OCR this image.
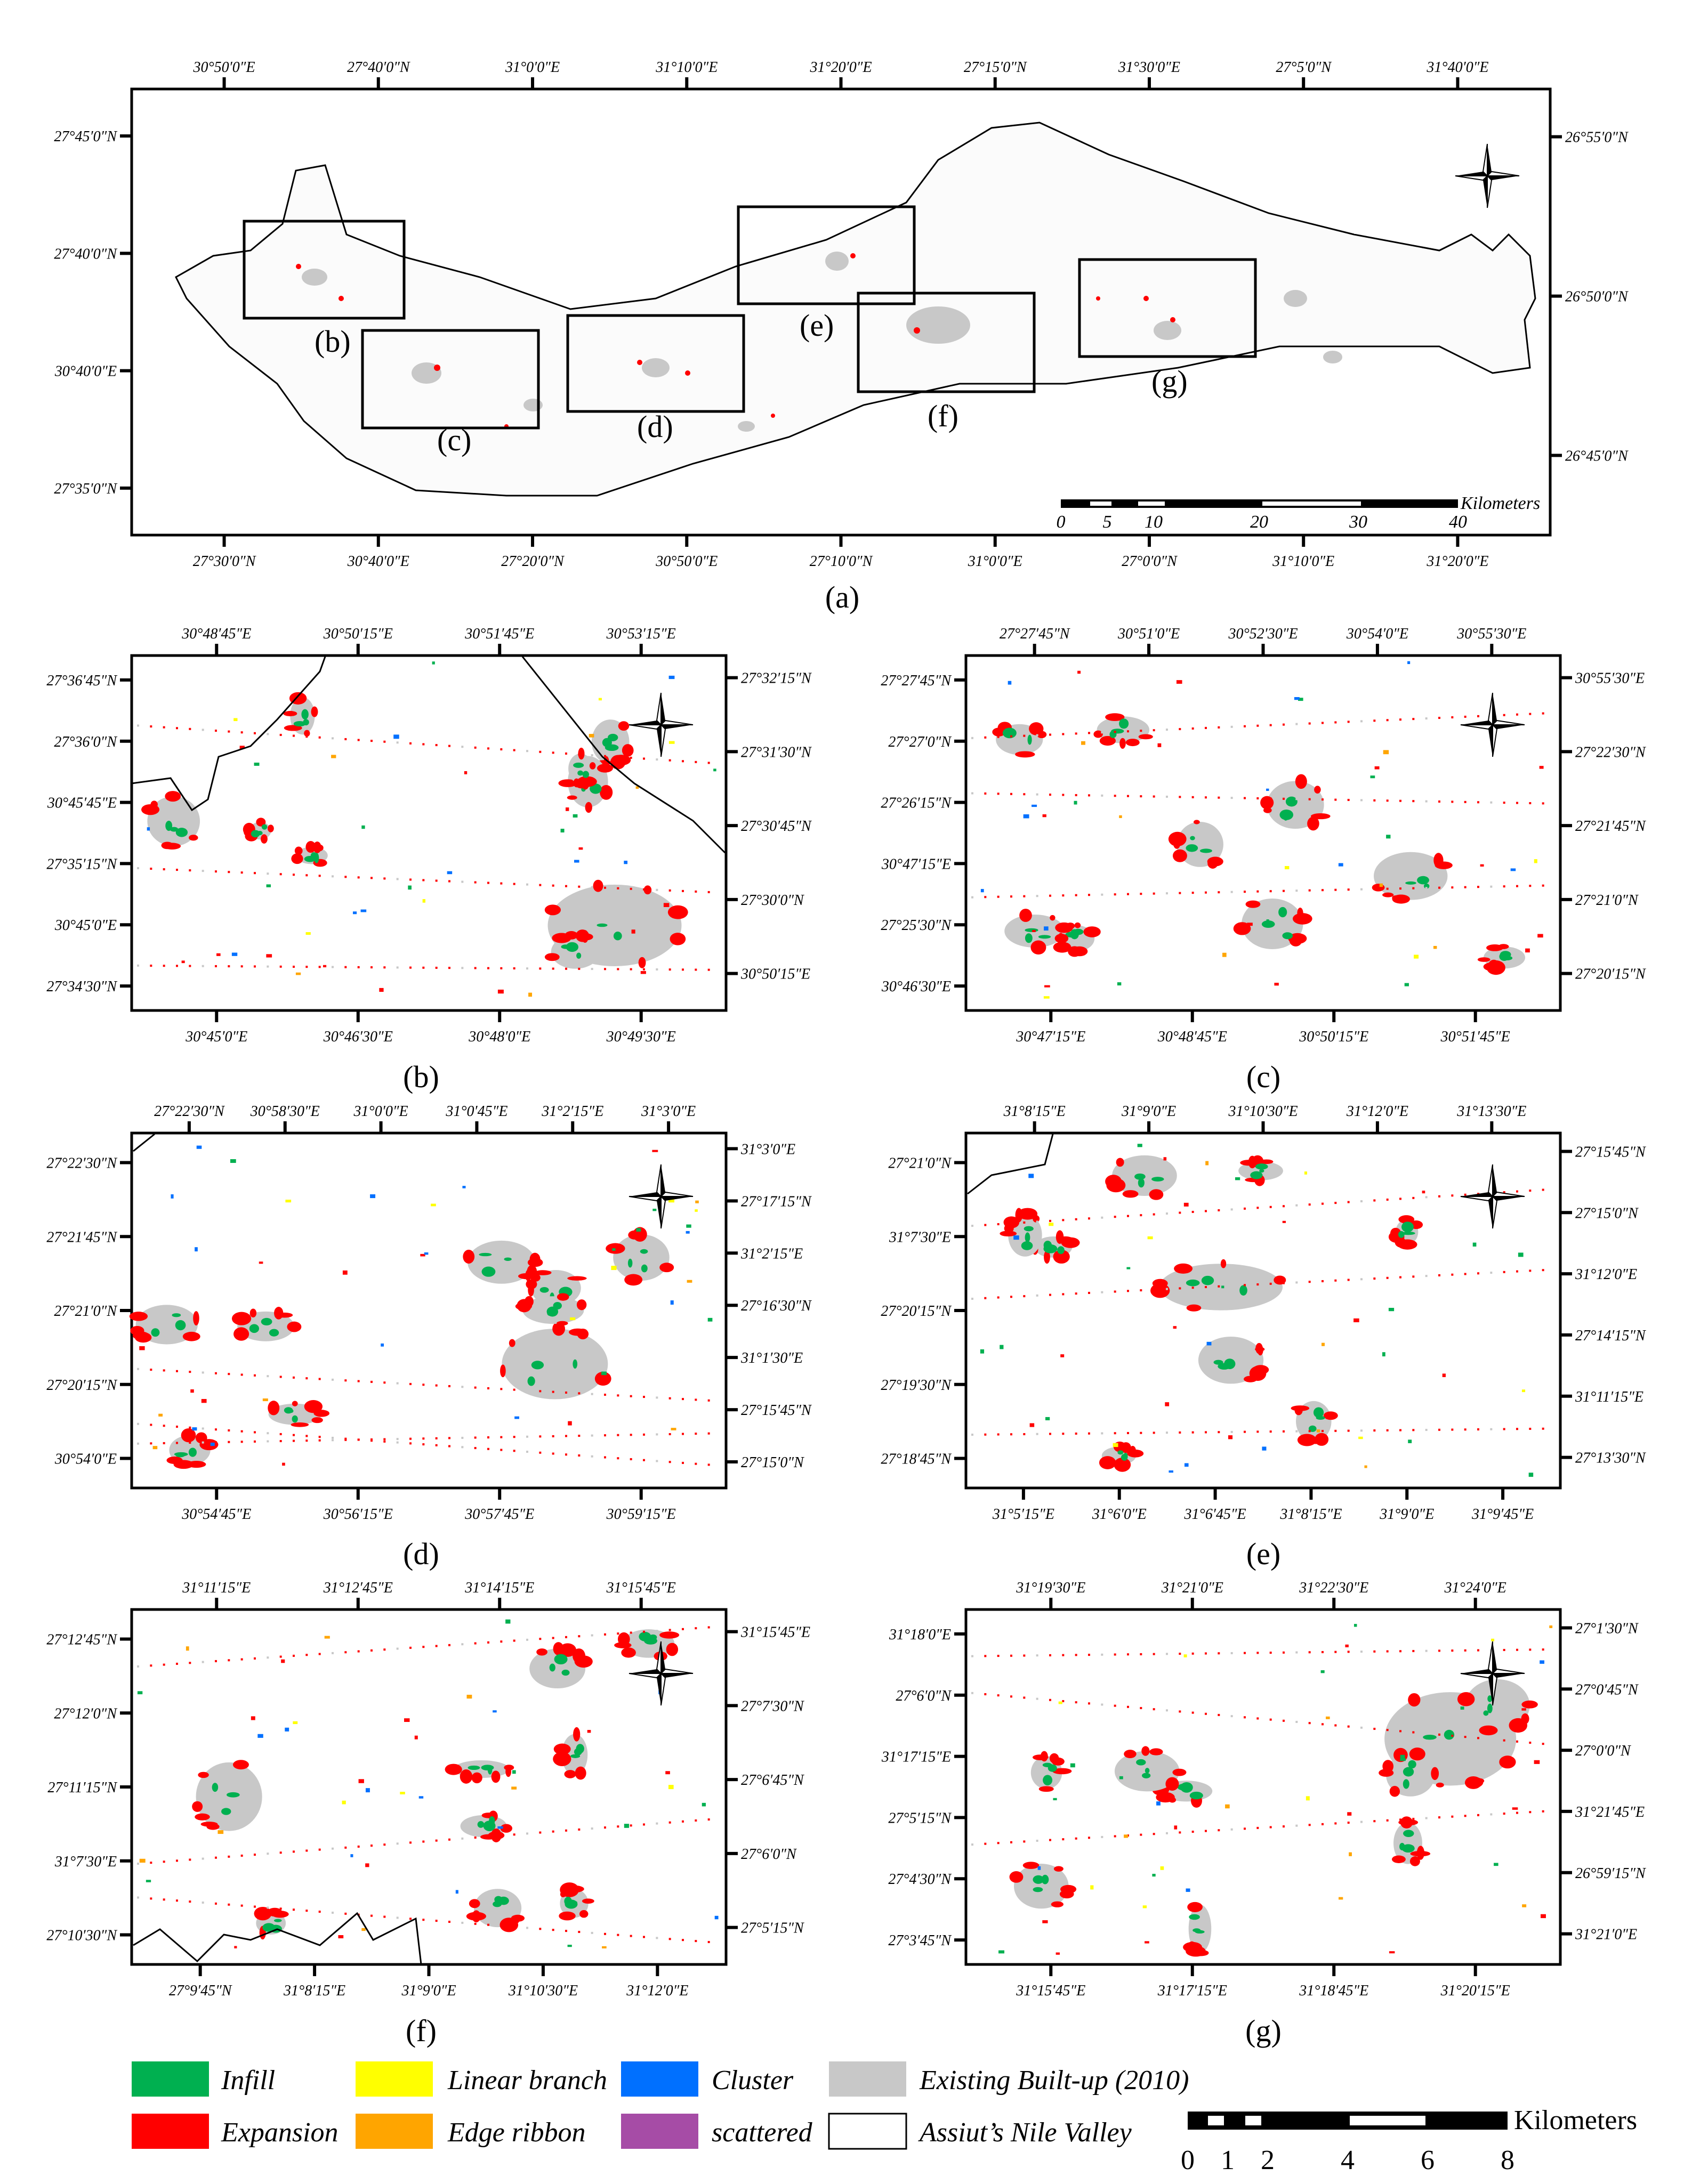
(b)
(c)	(d)
(e)
(f)
(g)
30°50′0″E	27°40′0″N	31°0′0″E	31°10′0″E	31°20′0″E	27°15′0″N	31°30′0″E	27°5′0″N	31°40′0″E
27°30′0″N	30°40′0″E	27°20′0″N	30°50′0″E	27°10′0″N	31°0′0″E	27°0′0″N	31°10′0″E	31°20′0″E
27°45′0″N
27°40′0″N
30°40′0″E
27°35′0″N
26°55′0″N
26°50′0″N
26°45′0″N
30°48′45″E	30°50′15″E	30°51′45″E	30°53′15″E
30°45′0″E	30°46′30″E	30°48′0″E	30°49′30″E
27°36′45″N
27°36′0″N
30°45′45″E
27°35′15″N
30°45′0″E
27°34′30″N
27°32′15″N
27°31′30″N
27°30′45″N
27°30′0″N
30°50′15″E
27°27′45″N	30°51′0″E	30°52′30″E	30°54′0″E	30°55′30″E
30°47′15″E	30°48′45″E	30°50′15″E	30°51′45″E
27°27′45″N
27°27′0″N
27°26′15″N
30°47′15″E
27°25′30″N
30°46′30″E
30°55′30″E
27°22′30″N
27°21′45″N
27°21′0″N
27°20′15″N
27°22′30″N 30°58′30″E 31°0′0″E	31°0′45″E 31°2′15″E	31°3′0″E
30°54′45″E	30°56′15″E	30°57′45″E	30°59′15″E
27°22′30″N
27°21′45″N
27°21′0″N
27°20′15″N
30°54′0″E
31°3′0″E
27°17′15″N
31°2′15″E
27°16′30″N
31°1′30″E
27°15′45″N
27°15′0″N
31°8′15″E	31°9′0″E	31°10′30″E	31°12′0″E	31°13′30″E
31°5′15″E	31°6′0″E	31°6′45″E 31°8′15″E	31°9′0″E	31°9′45″E
27°21′0″N
31°7′30″E
27°20′15″N
27°19′30″N
27°18′45″N
27°15′45″N
27°15′0″N
31°12′0″E
27°14′15″N
31°11′15″E
27°13′30″N
31°11′15″E	31°12′45″E	31°14′15″E	31°15′45″E
27°9′45″N	31°8′15″E	31°9′0″E	31°10′30″E	31°12′0″E
27°12′45″N
27°12′0″N
27°11′15″N
31°7′30″E
27°10′30″N
31°15′45″E
27°7′30″N
27°6′45″N
27°6′0″N
27°5′15″N
31°19′30″E	31°21′0″E	31°22′30″E	31°24′0″E
31°15′45″E	31°17′15″E	31°18′45″E	31°20′15″E
31°18′0″E
27°6′0″N
31°17′15″E
27°5′15″N
27°4′30″N
27°3′45″N
27°1′30″N
27°0′45″N
27°0′0″N
31°21′45″E
26°59′15″N
31°21′0″E
0 5 10	20	30	40
Kilometers
(a)
(b)	(c)
(d)	(e)
(f)	(g)
Infill
Expansion
Linear branch
Edge ribbon
Cluster
scattered
Existing Built-up (2010)
Assiut’s Nile Valley	Kilometers
0 1 2 4 6 8
